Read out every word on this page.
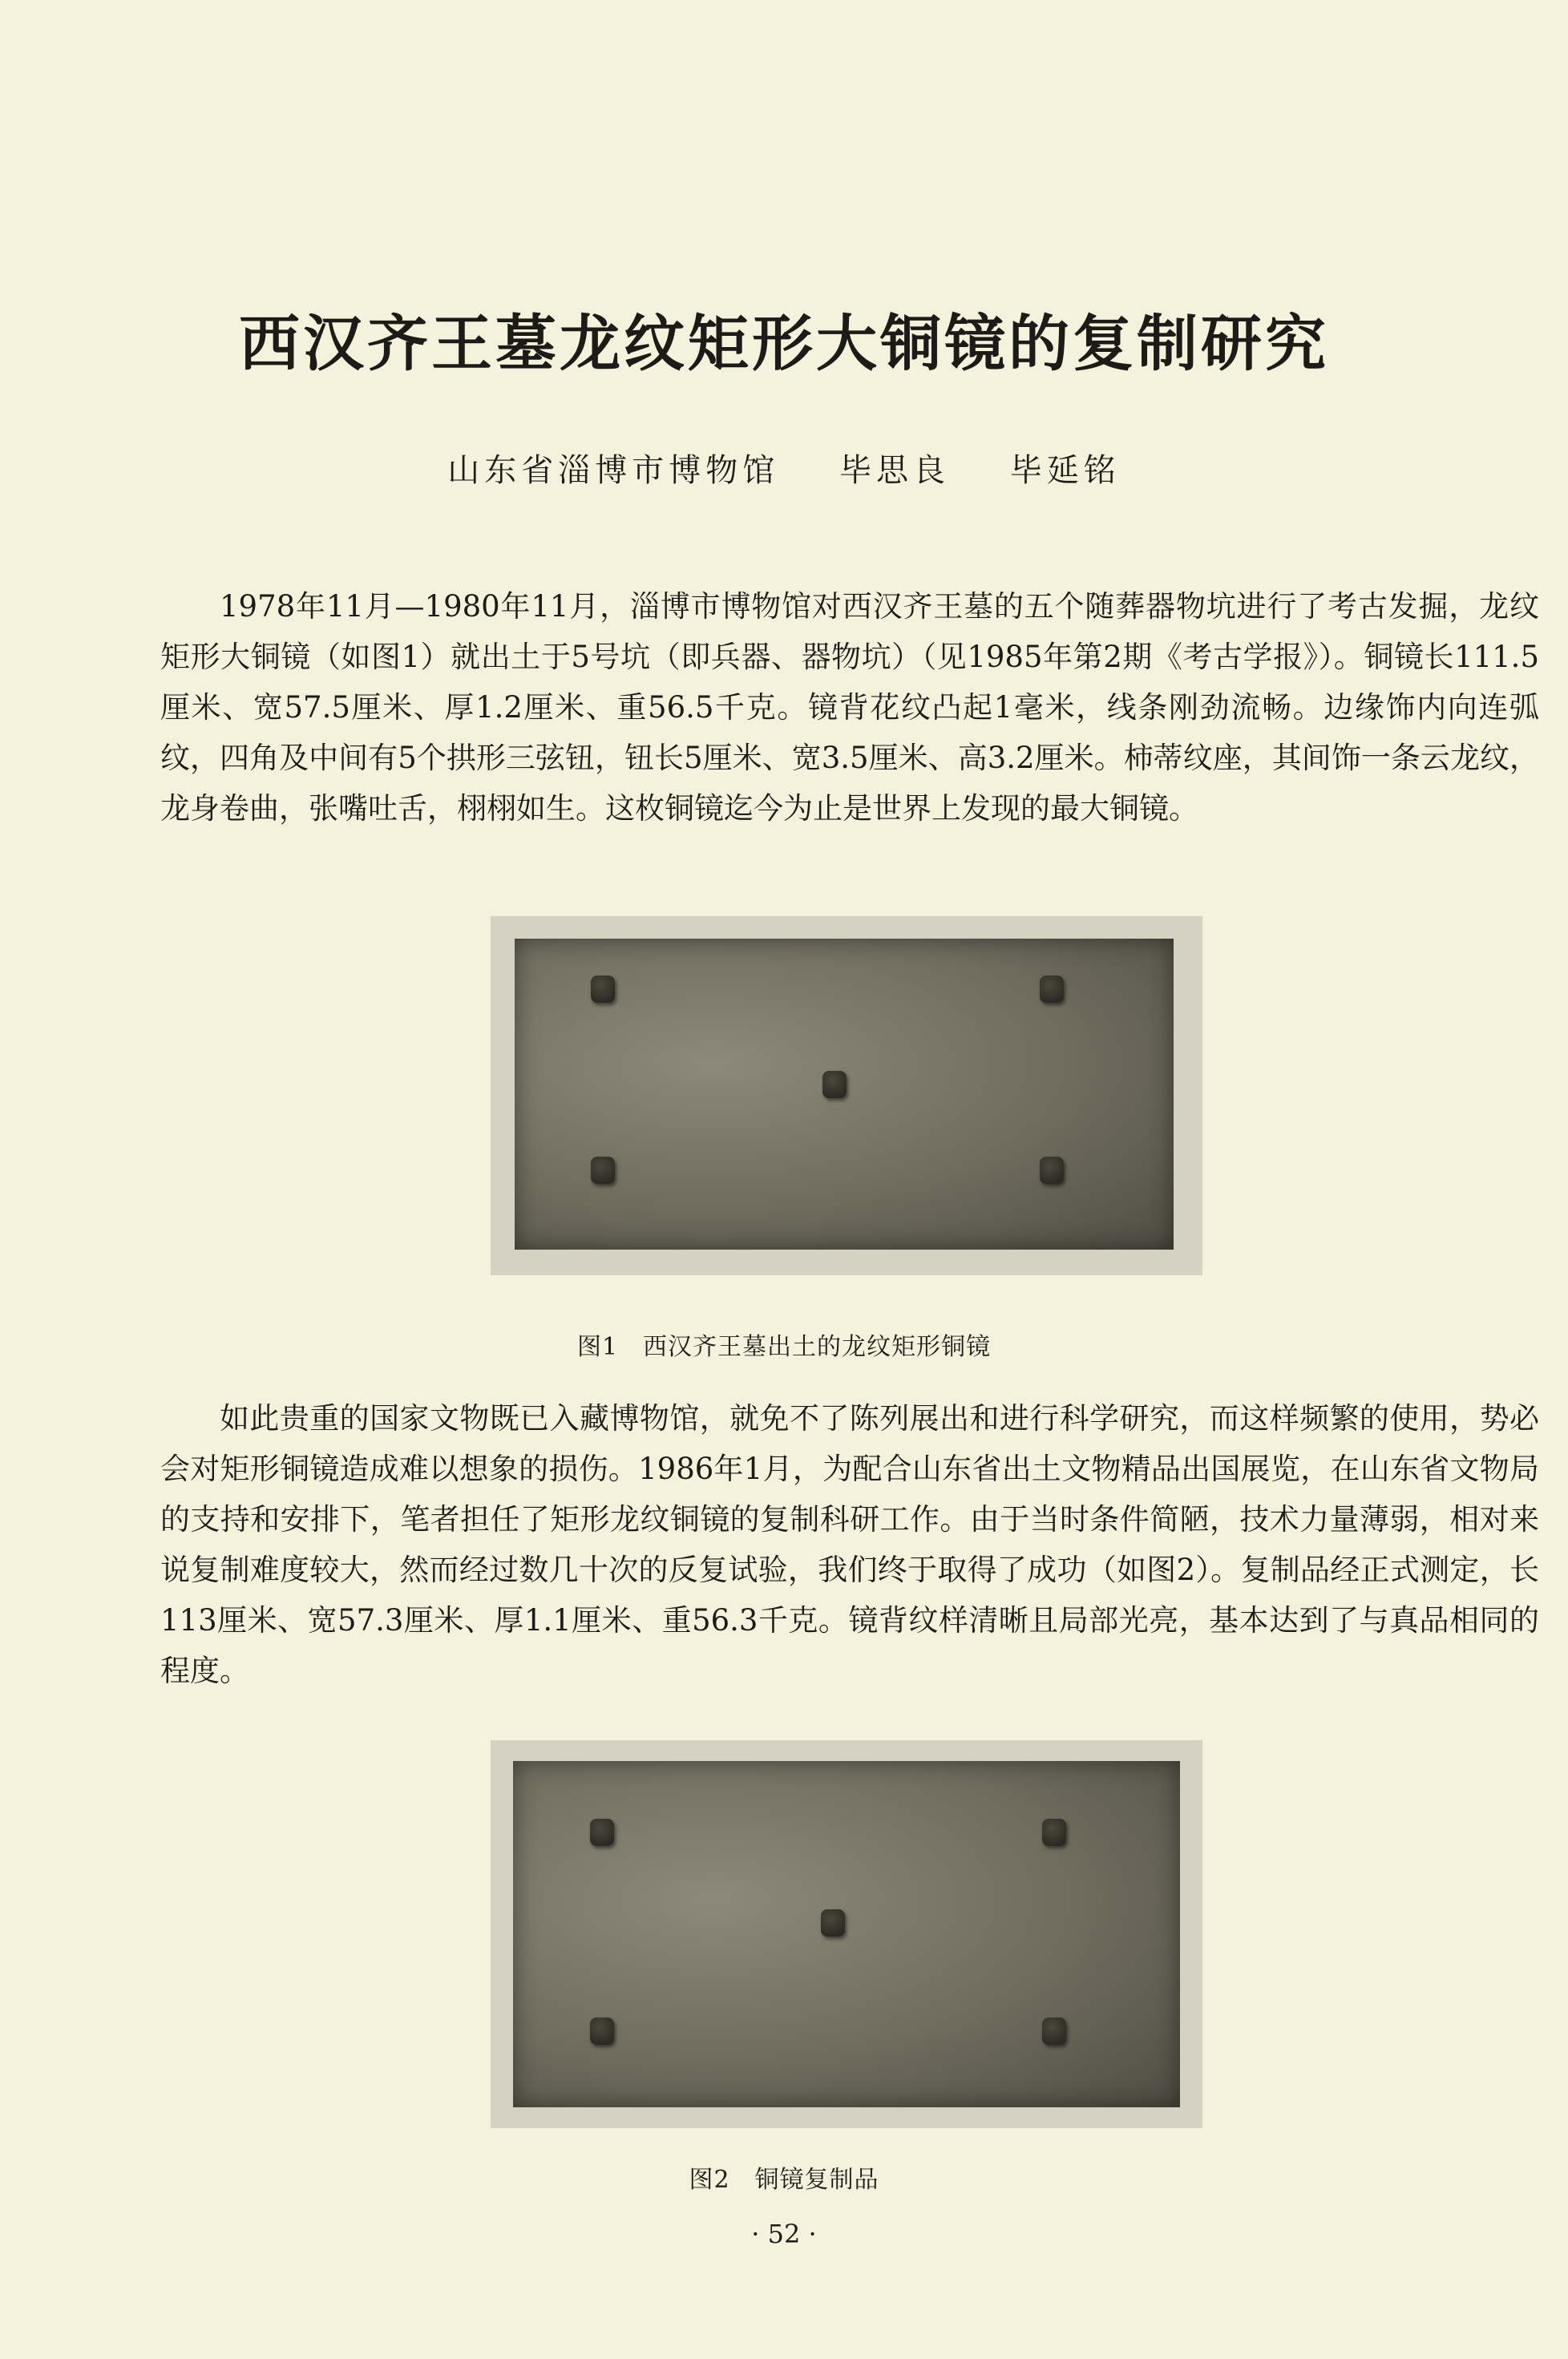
西汉齐王墓龙纹矩形大铜镜的复制研究
山东省淄博市博物馆 毕思良 毕延铭

1978年11月—1980年11月，淄博市博物馆对西汉齐王墓的五个随葬器物坑进行了考古发掘，龙纹矩形大铜镜（如图1）就出土于5号坑（即兵器、器物坑）（见1985年第2期《考古学报》）。铜镜长111.5厘米、宽57.5厘米、厚1.2厘米、重56.5千克。镜背花纹凸起1毫米，线条刚劲流畅。边缘饰内向连弧纹，四角及中间有5个拱形三弦钮，钮长5厘米、宽3.5厘米、高3.2厘米。柿蒂纹座，其间饰一条云龙纹，龙身卷曲，张嘴吐舌，栩栩如生。这枚铜镜迄今为止是世界上发现的最大铜镜。

图1　西汉齐王墓出土的龙纹矩形铜镜

如此贵重的国家文物既已入藏博物馆，就免不了陈列展出和进行科学研究，而这样频繁的使用，势必会对矩形铜镜造成难以想象的损伤。1986年1月，为配合山东省出土文物精品出国展览，在山东省文物局的支持和安排下，笔者担任了矩形龙纹铜镜的复制科研工作。由于当时条件简陋，技术力量薄弱，相对来说复制难度较大，然而经过数几十次的反复试验，我们终于取得了成功（如图2）。复制品经正式测定，长113厘米、宽57.3厘米、厚1.1厘米、重56.3千克。镜背纹样清晰且局部光亮，基本达到了与真品相同的程度。

图2　铜镜复制品
· 52 ·
